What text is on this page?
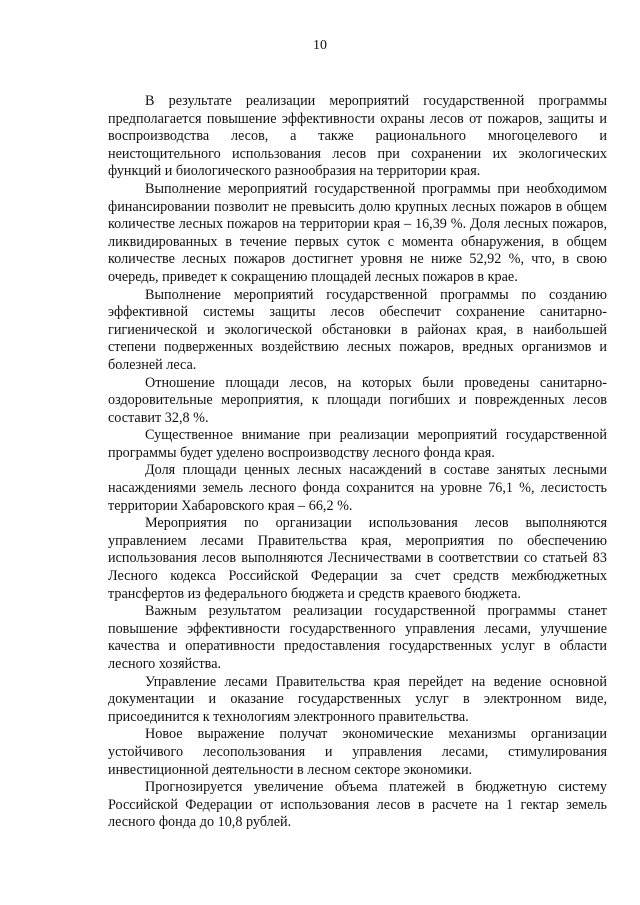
10

В результате реализации мероприятий государственной программы предполагается повышение эффективности охраны лесов от пожаров, защиты и воспроизводства лесов, а также рационального многоцелевого и неистощительного использования лесов при сохранении их экологических функций и биологического разнообразия на территории края.

Выполнение мероприятий государственной программы при необходимом финансировании позволит не превысить долю крупных лесных пожаров в общем количестве лесных пожаров на территории края – 16,39 %. Доля лесных пожаров, ликвидированных в течение первых суток с момента обнаружения, в общем количестве лесных пожаров достигнет уровня не ниже 52,92 %, что, в свою очередь, приведет к сокращению площадей лесных пожаров в крае.

Выполнение мероприятий государственной программы по созданию эффективной системы защиты лесов обеспечит сохранение санитарно-гигиенической и экологической обстановки в районах края, в наибольшей степени подверженных воздействию лесных пожаров, вредных организмов и болезней леса.

Отношение площади лесов, на которых были проведены санитарно-оздоровительные мероприятия, к площади погибших и поврежденных лесов составит 32,8 %.

Существенное внимание при реализации мероприятий государственной программы будет уделено воспроизводству лесного фонда края.

Доля площади ценных лесных насаждений в составе занятых лесными насаждениями земель лесного фонда сохранится на уровне 76,1 %, лесистость территории Хабаровского края – 66,2 %.

Мероприятия по организации использования лесов выполняются управлением лесами Правительства края, мероприятия по обеспечению использования лесов выполняются Лесничествами в соответствии со статьей 83 Лесного кодекса Российской Федерации за счет средств межбюджетных трансфертов из федерального бюджета и средств краевого бюджета.

Важным результатом реализации государственной программы станет повышение эффективности государственного управления лесами, улучшение качества и оперативности предоставления государственных услуг в области лесного хозяйства.

Управление лесами Правительства края перейдет на ведение основной документации и оказание государственных услуг в электронном виде, присоединится к технологиям электронного правительства.

Новое выражение получат экономические механизмы организации устойчивого лесопользования и управления лесами, стимулирования инвестиционной деятельности в лесном секторе экономики.

Прогнозируется увеличение объема платежей в бюджетную систему Российской Федерации от использования лесов в расчете на 1 гектар земель лесного фонда до 10,8 рублей.
